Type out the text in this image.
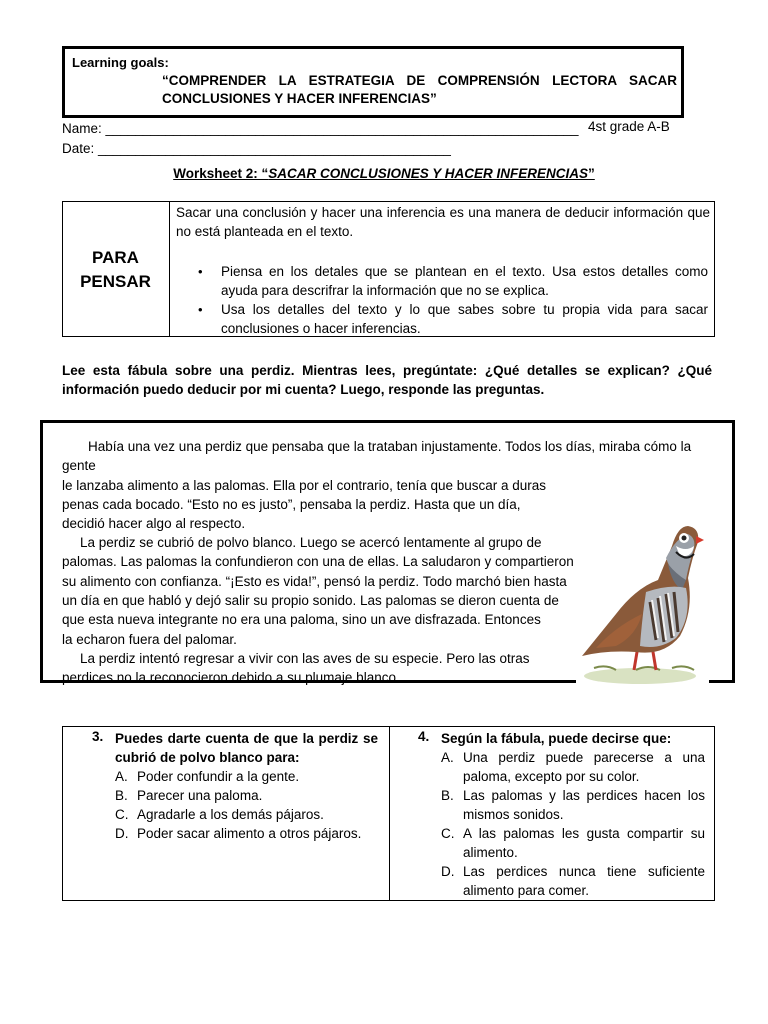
Learning goals:
“COMPRENDER LA ESTRATEGIA DE COMPRENSIÓN LECTORA SACAR
CONCLUSIONES Y HACER INFERENCIAS”
Name: _______________________________________________________________ 4st grade A-B
Date: _______________________________________________
Worksheet 2: “SACAR CONCLUSIONES Y HACER INFERENCIAS”
PARA
PENSAR
Sacar una conclusión y hacer una inferencia es una manera de deducir información que no está planteada en el texto.
• Piensa en los detales que se plantean en el texto. Usa estos detalles como ayuda para descrifrar la información que no se explica.
• Usa los detalles del texto y lo que sabes sobre tu propia vida para sacar conclusiones o hacer inferencias.
Lee esta fábula sobre una perdiz. Mientras lees, pregúntate: ¿Qué detalles se explican? ¿Qué información puedo deducir por mi cuenta? Luego, responde las preguntas.
Había una vez una perdiz que pensaba que la trataban injustamente. Todos los días, miraba cómo la
gente
le lanzaba alimento a las palomas. Ella por el contrario, tenía que buscar a duras
penas cada bocado. “Esto no es justo”, pensaba la perdiz. Hasta que un día,
decidió hacer algo al respecto.
La perdiz se cubrió de polvo blanco. Luego se acercó lentamente al grupo de
palomas. Las palomas la confundieron con una de ellas. La saludaron y compartieron
su alimento con confianza. “¡Esto es vida!”, pensó la perdiz. Todo marchó bien hasta
un día en que habló y dejó salir su propio sonido. Las palomas se dieron cuenta de
que esta nueva integrante no era una paloma, sino un ave disfrazada. Entonces
la echaron fuera del palomar.
La perdiz intentó regresar a vivir con las aves de su especie. Pero las otras
perdices no la reconocieron debido a su plumaje blanco.
3. Puedes darte cuenta de que la perdiz se
cubrió de polvo blanco para:
A. Poder confundir a la gente.
B. Parecer una paloma.
C. Agradarle a los demás pájaros.
D. Poder sacar alimento a otros pájaros.
4. Según la fábula, puede decirse que:
A. Una perdiz puede parecerse a una paloma, excepto por su color.
B. Las palomas y las perdices hacen los mismos sonidos.
C. A las palomas les gusta compartir su alimento.
D. Las perdices nunca tiene suficiente alimento para comer.
